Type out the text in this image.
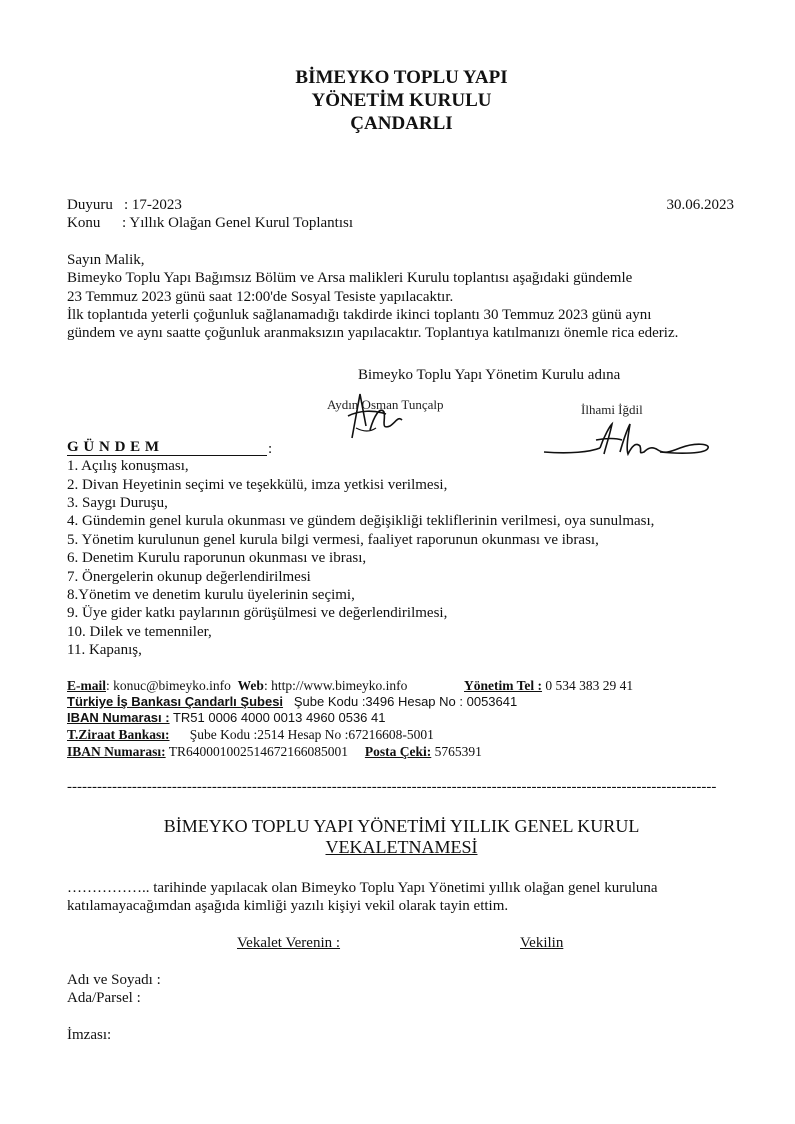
BİMEYKO TOPLU YAPI
YÖNETİM KURULU
ÇANDARLI
Duyuru : 17-2023	30.06.2023
Konu : Yıllık Olağan Genel Kurul Toplantısı
Sayın Malik,
Bimeyko Toplu Yapı Bağımsız Bölüm ve Arsa malikleri Kurulu toplantısı aşağıdaki gündemle
23 Temmuz 2023 günü saat 12:00'de Sosyal Tesiste yapılacaktır.
İlk toplantıda yeterli çoğunluk sağlanamadığı takdirde ikinci toplantı 30 Temmuz 2023 günü aynı
gündem ve aynı saatte çoğunluk aranmaksızın yapılacaktır. Toplantıya katılmanızı önemle rica ederiz.
Bimeyko Toplu Yapı Yönetim Kurulu adına
Aydın Osman Tunçalp	İlhami İğdil
G Ü N D E M	:
1. Açılış konuşması,
2. Divan Heyetinin seçimi ve teşekkülü, imza yetkisi verilmesi,
3. Saygı Duruşu,
4. Gündemin genel kurula okunması ve gündem değişikliği tekliflerinin verilmesi, oya sunulması,
5. Yönetim kurulunun genel kurula bilgi vermesi, faaliyet raporunun okunması ve ibrası,
6. Denetim Kurulu raporunun okunması ve ibrası,
7. Önergelerin okunup değerlendirilmesi
8.Yönetim ve denetim kurulu üyelerinin seçimi,
9. Üye gider katkı paylarının görüşülmesi ve değerlendirilmesi,
10. Dilek ve temenniler,
11. Kapanış,
E-mail: konuc@bimeyko.info Web: http://www.bimeyko.info	Yönetim Tel : 0 534 383 29 41
Türkiye İş Bankası Çandarlı Şubesi Şube Kodu :3496 Hesap No : 0053641
IBAN Numarası : TR51 0006 4000 0013 4960 0536 41
T.Ziraat Bankası: Şube Kodu :2514 Hesap No :67216608-5001
IBAN Numarası: TR640001002514672166085001 Posta Çeki: 5765391
----------------------------------------------------------------------------------------------------------------------------------
BİMEYKO TOPLU YAPI YÖNETİMİ YILLIK GENEL KURUL
VEKALETNAMESİ
…………….. tarihinde yapılacak olan Bimeyko Toplu Yapı Yönetimi yıllık olağan genel kuruluna
katılamayacağımdan aşağıda kimliği yazılı kişiyi vekil olarak tayin ettim.
Vekalet Verenin :	Vekilin
Adı ve Soyadı :
Ada/Parsel :
İmzası:
